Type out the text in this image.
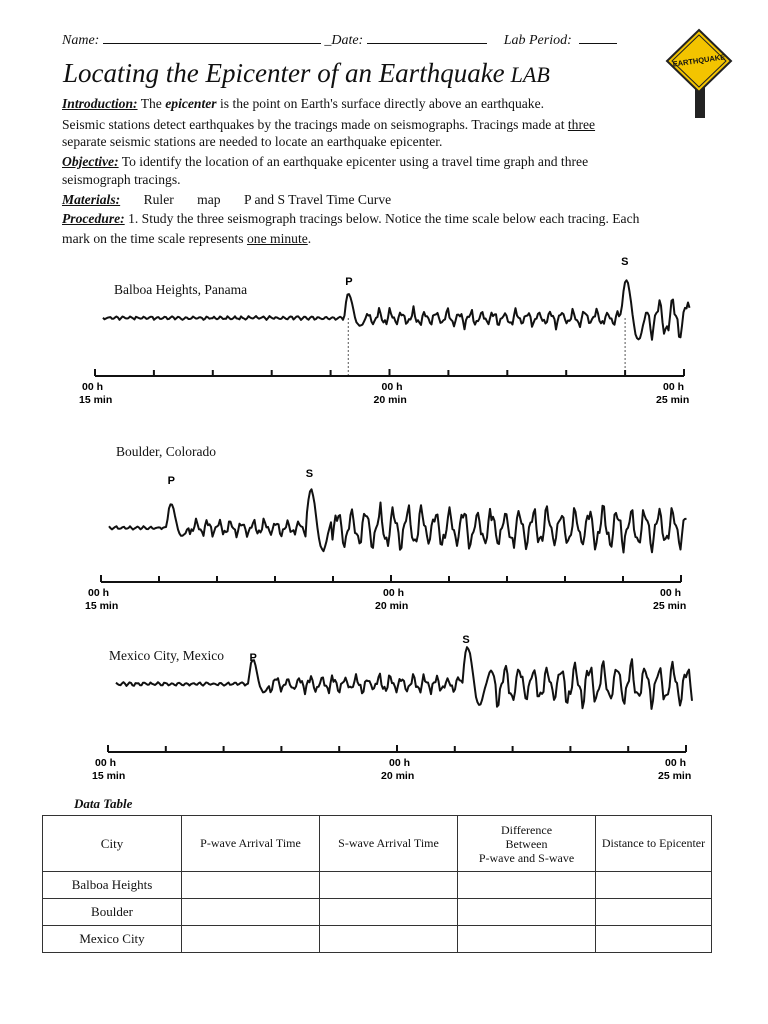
Name:	_Date:	Lab Period:
Locating the Epicenter of an Earthquake LAB
EARTHQUAKE
Introduction: The epicenter is the point on Earth's surface directly above an earthquake.
Seismic stations detect earthquakes by the tracings made on seismographs. Tracings made at three
separate seismic stations are needed to locate an earthquake epicenter.
Objective: To identify the location of an earthquake epicenter using a travel time graph and three
seismograph tracings.
Materials: Ruler map P and S Travel Time Curve
Procedure: 1. Study the three seismograph tracings below. Notice the time scale below each tracing. Each
mark on the time scale represents one minute.
Balboa Heights, Panama	P
S
00 h
15 min
00 h
20 min
00 h
25 min
Boulder, Colorado
P
S
00 h
15 min
00 h
20 min
00 h
25 min
Mexico City, Mexico P
S
00 h
15 min
00 h
20 min
00 h
25 min
Data Table
City	P-wave Arrival Time	S-wave Arrival Time	Difference
Between
P-wave and S-wave	Distance to Epicenter
Balboa Heights				
Boulder				
Mexico City				
